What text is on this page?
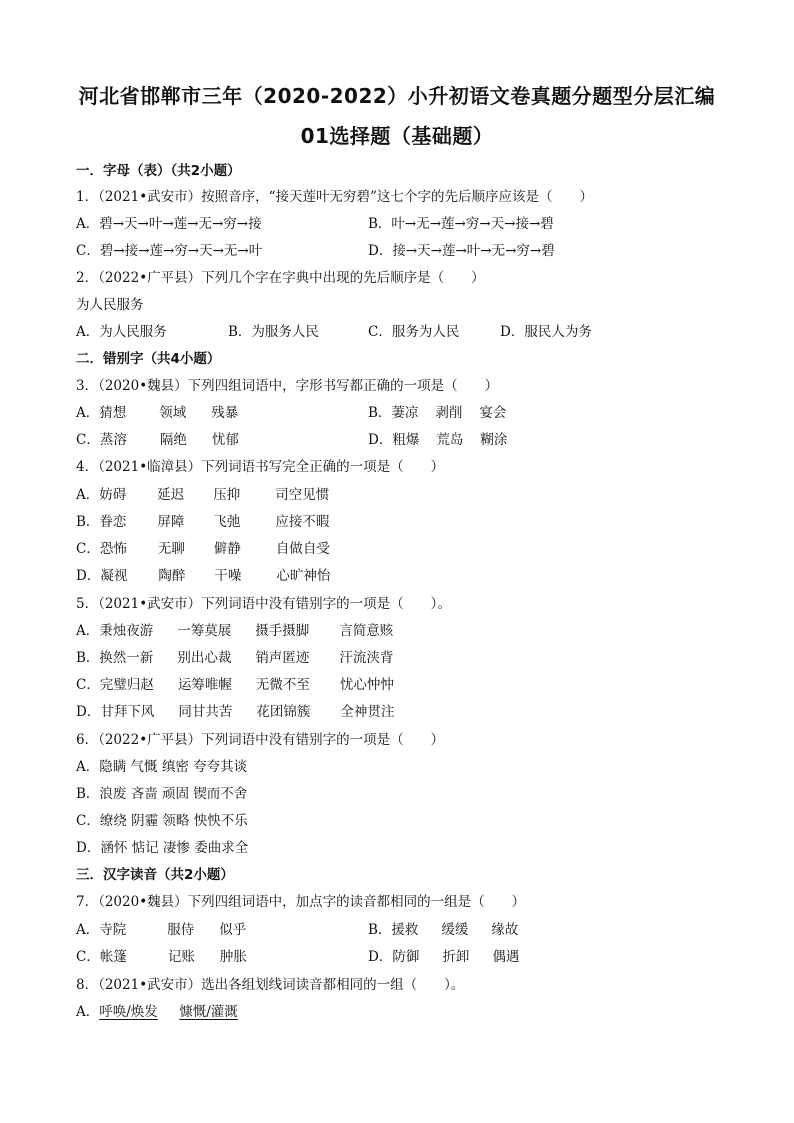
河北省邯郸市三年（2020-2022）小升初语文卷真题分题型分层汇编
01选择题（基础题）
一．字母（表）（共2小题）
1．（2021•武安市）按照音序，“接天莲叶无穷碧”这七个字的先后顺序应该是（　　）
A．碧→天→叶→莲→无→穷→接	B．叶→无→莲→穷→天→接→碧
C．碧→接→莲→穷→天→无→叶	D．接→天→莲→叶→无→穷→碧
2．（2022•广平县）下列几个字在字典中出现的先后顺序是（　　）
为人民服务
A．为人民服务	B．为服务人民	C．服务为人民	D．服民人为务
二．错别字（共4小题）
3．（2020•魏县）下列四组词语中，字形书写都正确的一项是（　　）
A．猜想 领域 残暴	B．萋凉 剥削 宴会
C．蒸溶 隔绝 忧郁	D．粗爆 荒岛 糊涂
4．（2021•临漳县）下列词语书写完全正确的一项是（　　）
A．妨碍 延迟 压抑	司空见惯
B．眷恋 屏障 飞弛	应接不暇
C．恐怖 无聊 僻静	自做自受
D．凝视 陶醉 干噪	心旷神怡
5．（2021•武安市）下列词语中没有错别字的一项是（　　）。
A．秉烛夜游 一筹莫展 摄手摄脚 言简意赅
B．换然一新 别出心裁 销声匿迹 汗流浃背
C．完璧归赵 运筹唯幄 无微不至 忧心忡忡
D．甘拜下风 同甘共苦 花团锦簇 全神贯注
6．（2022•广平县）下列词语中没有错别字的一项是（　　）
A．隐瞒 气慨 缜密 夸夸其谈
B．浪废 吝啬 顽固 锲而不舍
C．缭绕 阴霾 领略 怏怏不乐
D．涵怀 惦记 凄惨 委曲求全
三．汉字读音（共2小题）
7．（2020•魏县）下列四组词语中，加点字的读音都相同的一组是（　　）
A．寺院	服侍 似乎	B．援救 缓缓 缘故
C．帐篷	记账 肿胀	D．防御 折卸 偶遇
8．（2021•武安市）选出各组划线词读音都相同的一组（　　）。
A．呼唤/焕发 慷慨/灌溉
